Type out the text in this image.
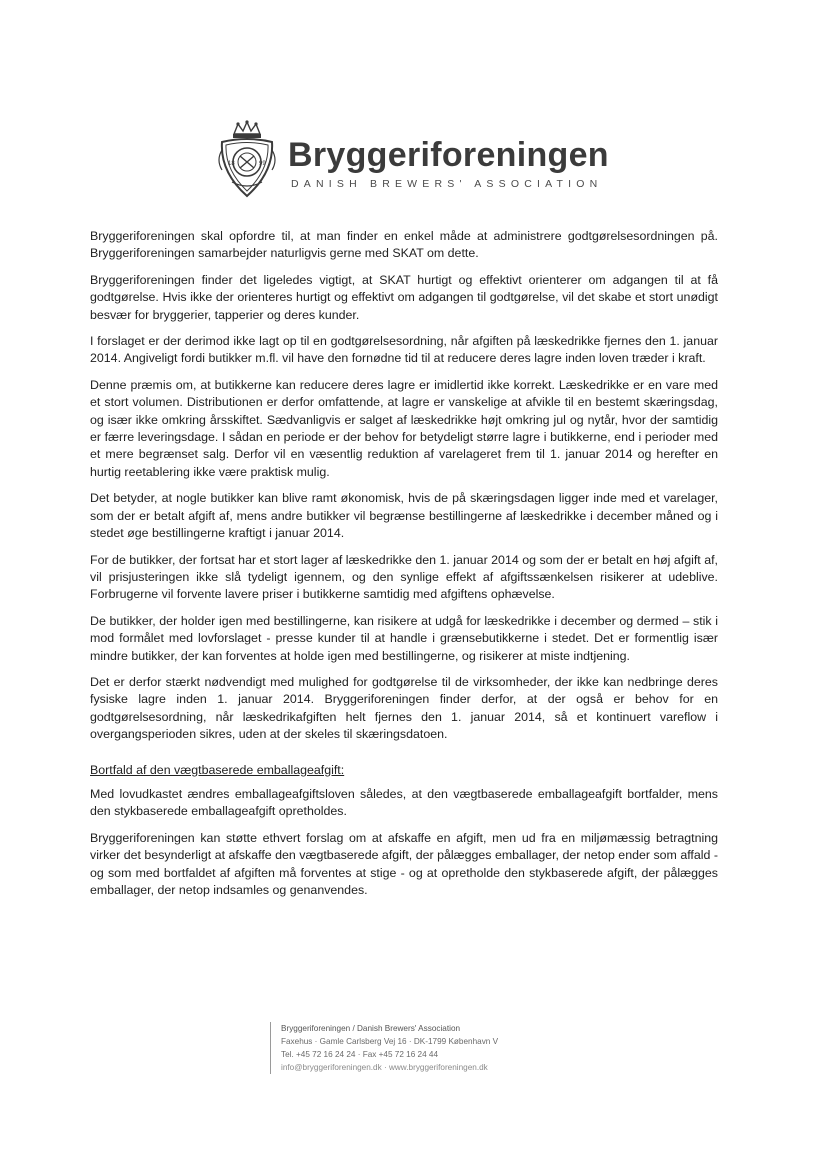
18	99 Bryggeriforeningen
DANISH BREWERS' ASSOCIATION

Bryggeriforeningen skal opfordre til, at man finder en enkel måde at administrere godtgørelsesordningen på. Bryggeriforeningen samarbejder naturligvis gerne med SKAT om dette.

Bryggeriforeningen finder det ligeledes vigtigt, at SKAT hurtigt og effektivt orienterer om adgangen til at få godtgørelse. Hvis ikke der orienteres hurtigt og effektivt om adgangen til godtgørelse, vil det skabe et stort unødigt besvær for bryggerier, tapperier og deres kunder.

I forslaget er der derimod ikke lagt op til en godtgørelsesordning, når afgiften på læskedrikke fjernes den 1. januar 2014. Angiveligt fordi butikker m.fl. vil have den fornødne tid til at reducere deres lagre inden loven træder i kraft.

Denne præmis om, at butikkerne kan reducere deres lagre er imidlertid ikke korrekt. Læskedrikke er en vare med et stort volumen. Distributionen er derfor omfattende, at lagre er vanskelige at afvikle til en bestemt skæringsdag, og især ikke omkring årsskiftet. Sædvanligvis er salget af læskedrikke højt omkring jul og nytår, hvor der samtidig er færre leveringsdage. I sådan en periode er der behov for betydeligt større lagre i butikkerne, end i perioder med et mere begrænset salg. Derfor vil en væsentlig reduktion af varelageret frem til 1. januar 2014 og herefter en hurtig reetablering ikke være praktisk mulig.

Det betyder, at nogle butikker kan blive ramt økonomisk, hvis de på skæringsdagen ligger inde med et varelager, som der er betalt afgift af, mens andre butikker vil begrænse bestillingerne af læskedrikke i december måned og i stedet øge bestillingerne kraftigt i januar 2014.

For de butikker, der fortsat har et stort lager af læskedrikke den 1. januar 2014 og som der er betalt en høj afgift af, vil prisjusteringen ikke slå tydeligt igennem, og den synlige effekt af afgiftssænkelsen risikerer at udeblive. Forbrugerne vil forvente lavere priser i butikkerne samtidig med afgiftens ophævelse.

De butikker, der holder igen med bestillingerne, kan risikere at udgå for læskedrikke i december og dermed – stik i mod formålet med lovforslaget - presse kunder til at handle i grænsebutikkerne i stedet. Det er formentlig især mindre butikker, der kan forventes at holde igen med bestillingerne, og risikerer at miste indtjening.

Det er derfor stærkt nødvendigt med mulighed for godtgørelse til de virksomheder, der ikke kan nedbringe deres fysiske lagre inden 1. januar 2014. Bryggeriforeningen finder derfor, at der også er behov for en godtgørelsesordning, når læskedrikafgiften helt fjernes den 1. januar 2014, så et kontinuert vareflow i overgangsperioden sikres, uden at der skeles til skæringsdatoen.

Bortfald af den vægtbaserede emballageafgift:

Med lovudkastet ændres emballageafgiftsloven således, at den vægtbaserede emballageafgift bortfalder, mens den stykbaserede emballageafgift opretholdes.

Bryggeriforeningen kan støtte ethvert forslag om at afskaffe en afgift, men ud fra en miljømæssig betragtning virker det besynderligt at afskaffe den vægtbaserede afgift, der pålægges emballager, der netop ender som affald - og som med bortfaldet af afgiften må forventes at stige - og at opretholde den stykbaserede afgift, der pålægges emballager, der netop indsamles og genanvendes.

Bryggeriforeningen / Danish Brewers' Association
Faxehus · Gamle Carlsberg Vej 16 · DK-1799 København V
Tel. +45 72 16 24 24 · Fax +45 72 16 24 44
info@bryggeriforeningen.dk · www.bryggeriforeningen.dk
